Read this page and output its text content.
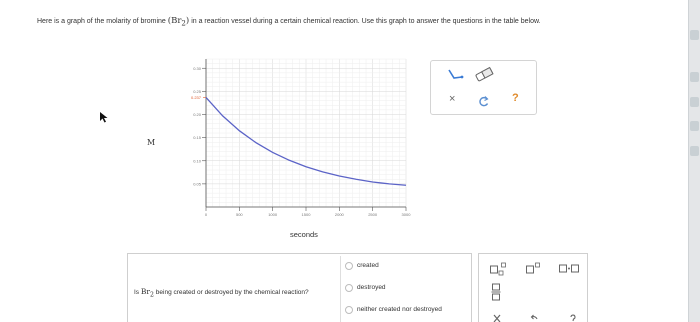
Here is a graph of the molarity of bromine $(Br_2)$ in a reaction vessel during a certain chemical reaction. Use this graph to answer the questions in the table below.
M
0.30
0.25
0.20
0.15
0.10
0.05
0.237
0	500	1000	1500	2000	2500	3000
seconds
×	?
Is $Br_2$ being created or destroyed by the chemical reaction?
created
destroyed
neither created nor destroyed
